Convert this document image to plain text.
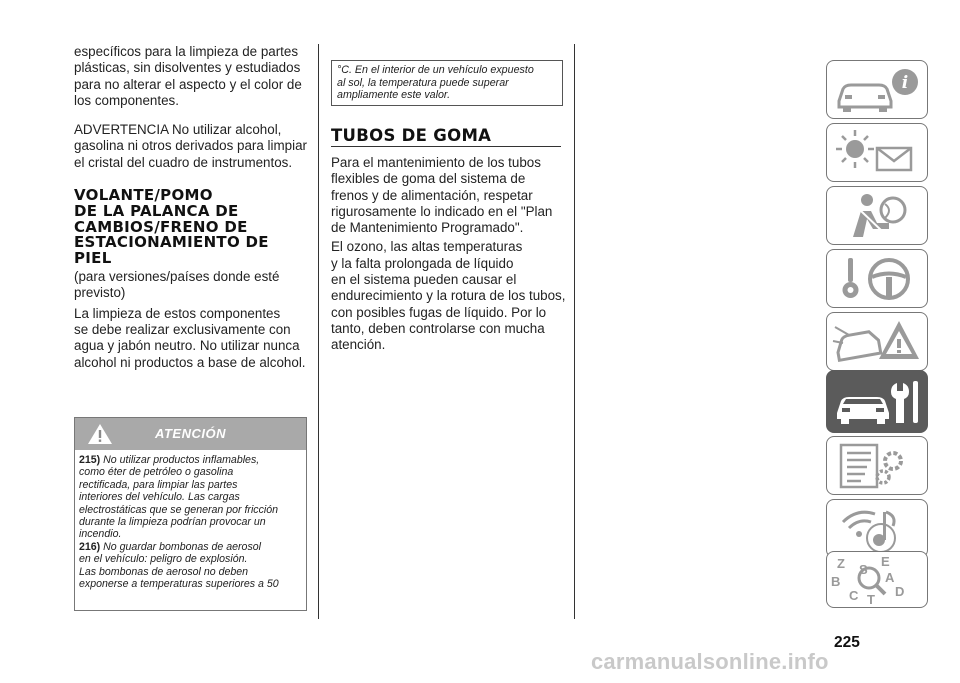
específicos para la limpieza de partes
plásticas, sin disolventes y estudiados
para no alterar el aspecto y el color de
los componentes.

ADVERTENCIA No utilizar alcohol,
gasolina ni otros derivados para limpiar
el cristal del cuadro de instrumentos.

VOLANTE/POMO
DE LA PALANCA DE
CAMBIOS/FRENO DE
ESTACIONAMIENTO DE
PIEL

(para versiones/países donde esté
previsto)

La limpieza de estos componentes
se debe realizar exclusivamente con
agua y jabón neutro. No utilizar nunca
alcohol ni productos a base de alcohol.

ATENCIÓN

215) No utilizar productos inflamables,
como éter de petróleo o gasolina
rectificada, para limpiar las partes
interiores del vehículo. Las cargas
electrostáticas que se generan por fricción
durante la limpieza podrían provocar un
incendio.

216) No guardar bombonas de aerosol
en el vehículo: peligro de explosión.
Las bombonas de aerosol no deben
exponerse a temperaturas superiores a 50

°C. En el interior de un vehículo expuesto
al sol, la temperatura puede superar
ampliamente este valor.

TUBOS DE GOMA

Para el mantenimiento de los tubos
flexibles de goma del sistema de
frenos y de alimentación, respetar
rigurosamente lo indicado en el "Plan
de Mantenimiento Programado".

El ozono, las altas temperaturas
y la falta prolongada de líquido
en el sistema pueden causar el
endurecimiento y la rotura de los tubos,
con posibles fugas de líquido. Por lo
tanto, deben controlarse con mucha
atención.

i
Z	E
S
A
B
D
C T
225
carmanualsonline.info
